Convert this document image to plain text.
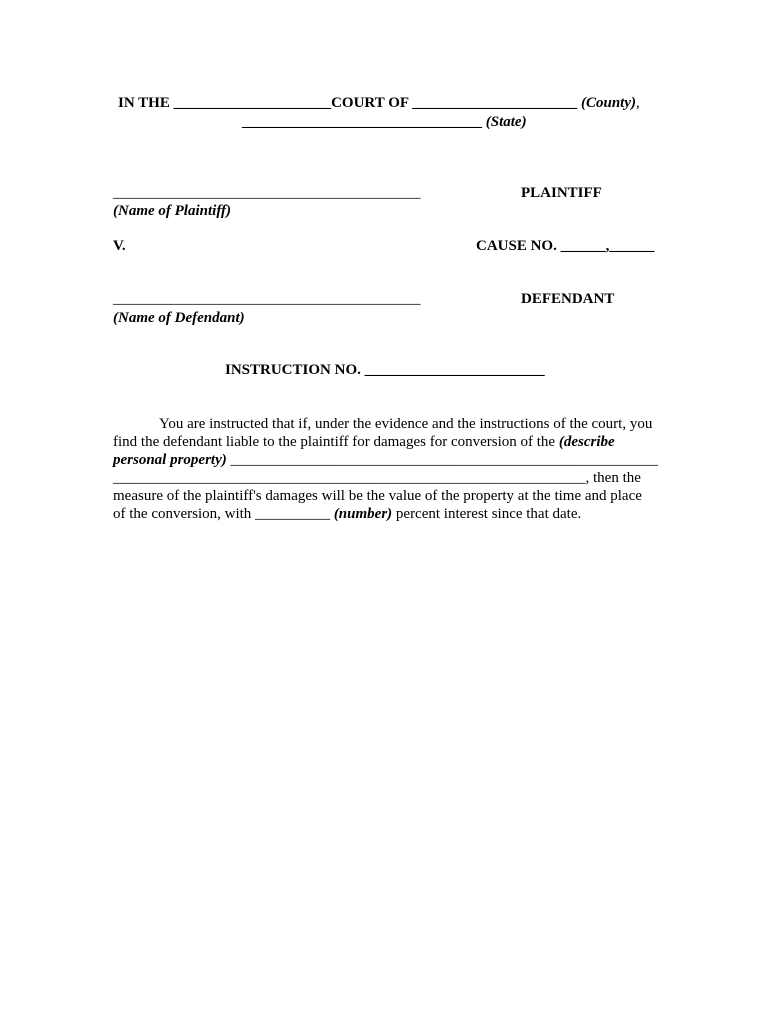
IN THE _____________________COURT OF ______________________ (County),
________________________________ (State)
_________________________________________	PLAINTIFF
(Name of Plaintiff)
V.	CAUSE NO. ______,______
_________________________________________	DEFENDANT
(Name of Defendant)
INSTRUCTION NO. ________________________
You are instructed that if, under the evidence and the instructions of the court, you
find the defendant liable to the plaintiff for damages for conversion of the (describe
personal property) _________________________________________________________
_______________________________________________________________, then the
measure of the plaintiff's damages will be the value of the property at the time and place
of the conversion, with __________ (number) percent interest since that date.
